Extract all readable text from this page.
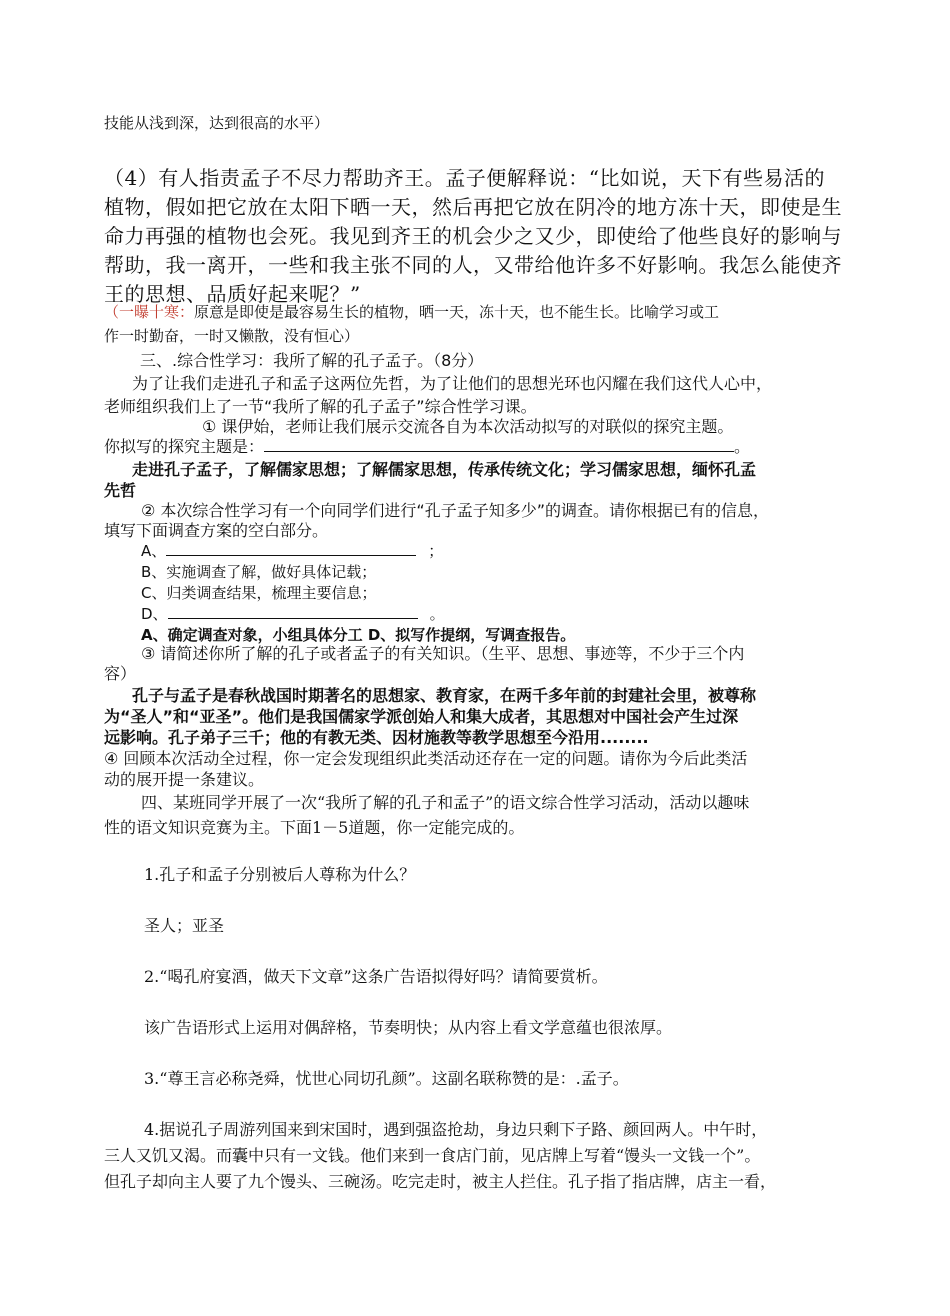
技能从浅到深，达到很高的水平）
（4）有人指责孟子不尽力帮助齐王。孟子便解释说：“比如说，天下有些易活的
植物，假如把它放在太阳下晒一天，然后再把它放在阴冷的地方冻十天，即使是生
命力再强的植物也会死。我见到齐王的机会少之又少，即使给了他些良好的影响与
帮助，我一离开，一些和我主张不同的人，又带给他许多不好影响。我怎么能使齐
王的思想、品质好起来呢？”
（一曝十寒：原意是即使是最容易生长的植物，晒一天，冻十天，也不能生长。比喻学习或工
作一时勤奋，一时又懒散，没有恒心）
三、.综合性学习：我所了解的孔子孟子。（8分）
为了让我们走进孔子和孟子这两位先哲，为了让他们的思想光环也闪耀在我们这代人心中，
老师组织我们上了一节“我所了解的孔子孟子”综合性学习课。
① 课伊始，老师让我们展示交流各自为本次活动拟写的对联似的探究主题。
你拟写的探究主题是：	。
走进孔子孟子，了解儒家思想；了解儒家思想，传承传统文化；学习儒家思想，缅怀孔孟
先哲
② 本次综合性学习有一个向同学们进行“孔子孟子知多少”的调查。请你根据已有的信息，
填写下面调查方案的空白部分。
A、	；
B、实施调查了解，做好具体记载；
C、归类调查结果，梳理主要信息；
D、	。
A、确定调查对象，小组具体分工 D、拟写作提纲，写调查报告。
③ 请简述你所了解的孔子或者孟子的有关知识。（生平、思想、事迹等，不少于三个内
容）
孔子与孟子是春秋战国时期著名的思想家、教育家，在两千多年前的封建社会里，被尊称
为“圣人”和“亚圣”。他们是我国儒家学派创始人和集大成者，其思想对中国社会产生过深
远影响。孔子弟子三千；他的有教无类、因材施教等教学思想至今沿用........
④ 回顾本次活动全过程，你一定会发现组织此类活动还存在一定的问题。请你为今后此类活
动的展开提一条建议。
四、某班同学开展了一次“我所了解的孔子和孟子”的语文综合性学习活动，活动以趣味
性的语文知识竞赛为主。下面1－5道题，你一定能完成的。
1.孔子和孟子分别被后人尊称为什么？
圣人；亚圣
2.“喝孔府宴酒，做天下文章”这条广告语拟得好吗？请简要赏析。
该广告语形式上运用对偶辞格，节奏明快；从内容上看文学意蕴也很浓厚。
3.“尊王言必称尧舜，忧世心同切孔颜”。这副名联称赞的是：.孟子。
4.据说孔子周游列国来到宋国时，遇到强盗抢劫，身边只剩下子路、颜回两人。中午时，
三人又饥又渴。而囊中只有一文钱。他们来到一食店门前，见店牌上写着“馒头一文钱一个”。
但孔子却向主人要了九个馒头、三碗汤。吃完走时，被主人拦住。孔子指了指店牌，店主一看，
